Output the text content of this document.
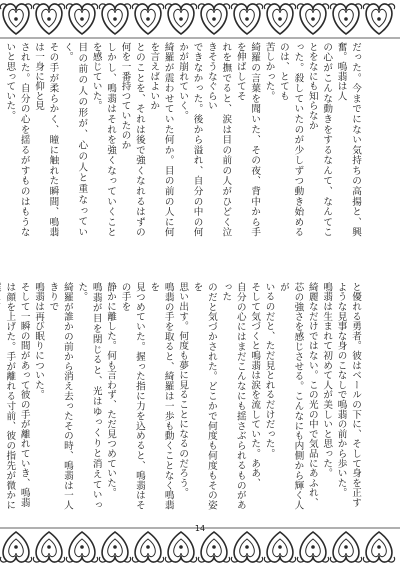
だった。今までにない気持ちの高揚と、興奮。鳴翡は人
の心がこんな動きをするなんて、なんてことをなにも知らなか
った。殺していたのが少しずつ動き始めるのは、とても
苦しかった。
綺羅の言葉を聞いた、その夜、背中から手を伸ばしてそ
れを撫でると、涙は目の前の人がひどく泣きそうなぐらい
できなかった。後から溢れ、自分の中の何かが崩れていく。
綺羅が震わせていた何か。目の前の人に何を言えばよいか
とのことを、それは後で強くなれるはずの何を一番持つていたのか
しかし、鳴翡はそれを強くなっていくことを感じていた。
目の前の人の形が、心の人と重なっていく。
その手が柔らかく、瞳に触れた瞬間、鳴翡は一身に仰と見
された。自分の心を揺るがすものはもうないと思っていた。

と優れる勇者。彼はベールの下に、そして身を正す
ような見事な身のこなしで鳴翡の前から歩いた。
鳴翡は生まれて初めて人が美しいと思った。
綺麗なだけではない。この光の中で気品にあふれ、
芯の強さを感じさせる。こんなにも内側から輝く人が
いるのだと、ただ見とれるだけだった。
そして気づくと鳴翡は涙を流していた。ああ、
自分の心にはまだこんなにも揺さぶられるものがあった
のだと気づかされた。どこかで何度も何度もその姿を
思い出す。何度も夢に見ることになるのだろう。
鳴翡の手を取ると、綺羅は一歩も動くことなく鳴翡を
見つめていた。握った指に力を込めると、鳴翡はその手を
静かに離した。何も言わず、ただ見つめていた。
鳴翡が目を閉じると、光はゆっくりと消えていった。
綺羅が誰かの前から消え去ったその時、鳴翡は一人きりで
鳴翡は再び眠りについた。
そして一瞬の間があって彼の手が離れていき、鳴翡
は顔を上げた。手が離れる寸前、彼の指先が微かに

14
